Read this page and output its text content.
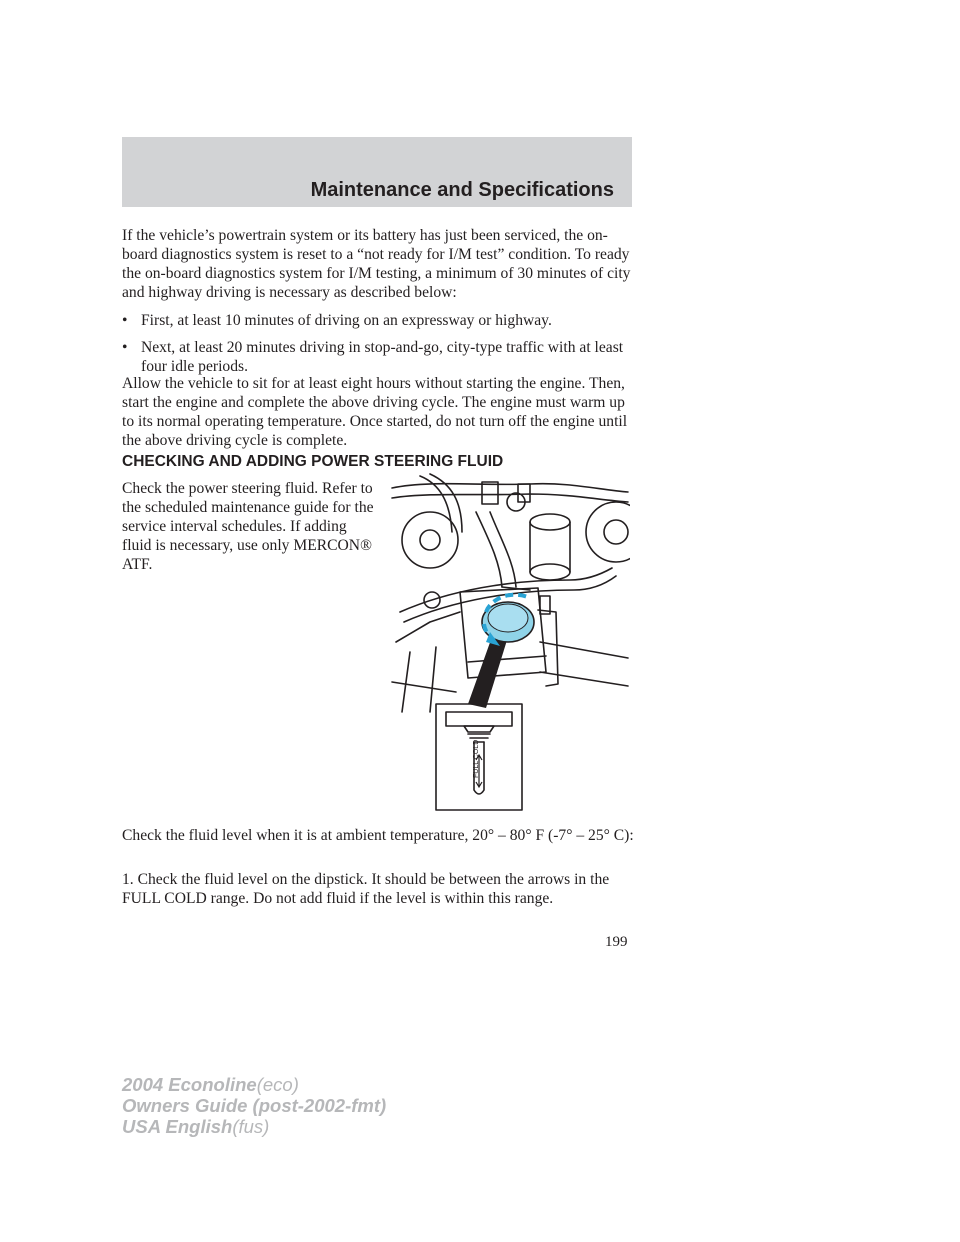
Maintenance and Specifications

If the vehicle’s powertrain system or its battery has just been serviced, the on-board diagnostics system is reset to a “not ready for I/M test” condition. To ready the on-board diagnostics system for I/M testing, a minimum of 30 minutes of city and highway driving is necessary as described below:

• First, at least 10 minutes of driving on an expressway or highway.
• Next, at least 20 minutes driving in stop-and-go, city-type traffic with at least four idle periods.

Allow the vehicle to sit for at least eight hours without starting the engine. Then, start the engine and complete the above driving cycle. The engine must warm up to its normal operating temperature. Once started, do not turn off the engine until the above driving cycle is complete.

CHECKING AND ADDING POWER STEERING FLUID

Check the power steering fluid. Refer to the scheduled maintenance guide for the service interval schedules. If adding fluid is necessary, use only MERCON® ATF.

FULL COLD

Check the fluid level when it is at ambient temperature, 20° – 80° F (-7° – 25° C):

1. Check the fluid level on the dipstick. It should be between the arrows in the FULL COLD range. Do not add fluid if the level is within this range.

199

2004 Econoline(eco)
Owners Guide (post-2002-fmt)
USA English(fus)
